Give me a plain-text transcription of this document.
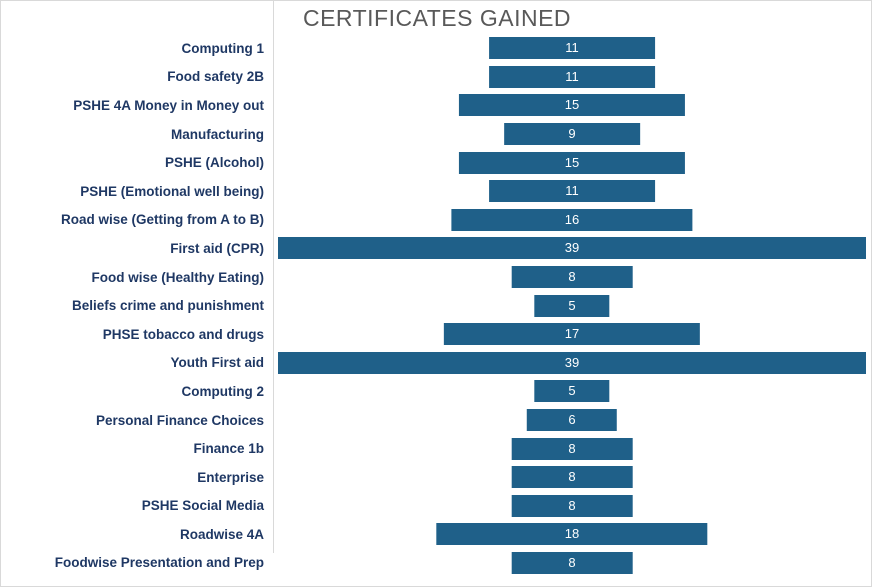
CERTIFICATES GAINED
Computing 1	11
Food safety 2B	11
PSHE 4A Money in Money out	15
Manufacturing	9
PSHE (Alcohol)	15
PSHE (Emotional well being)	11
Road wise (Getting from A to B)	16
First aid (CPR)	39
Food wise (Healthy Eating)	8
Beliefs crime and punishment	5
PHSE tobacco and drugs	17
Youth First aid	39
Computing 2	5
Personal Finance Choices	6
Finance 1b	8
Enterprise	8
PSHE Social Media	8
Roadwise 4A	18
Foodwise Presentation and Prep	8
